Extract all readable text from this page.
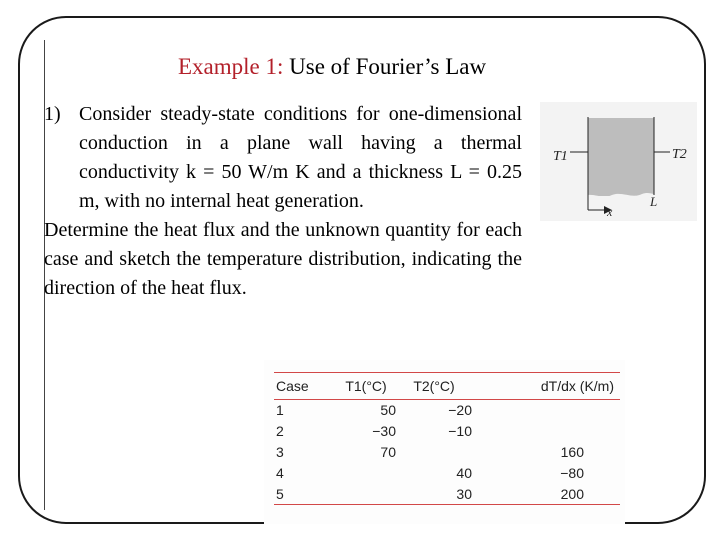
Example 1: Use of Fourier’s Law
1) Consider steady-state conditions for one-dimensional conduction in a plane wall having a thermal conductivity k = 50 W/m K and a thickness L = 0.25 m, with no internal heat generation.

Determine the heat flux and the unknown quantity for each case and sketch the temperature distribution, indicating the direction of the heat flux.

T1	T2
x
L
Case	T1(°C)	T2(°C)	dT/dx (K/m)
1	50	−20	
2	−30	−10	
3	70		160
4		40	−80
5		30	200
